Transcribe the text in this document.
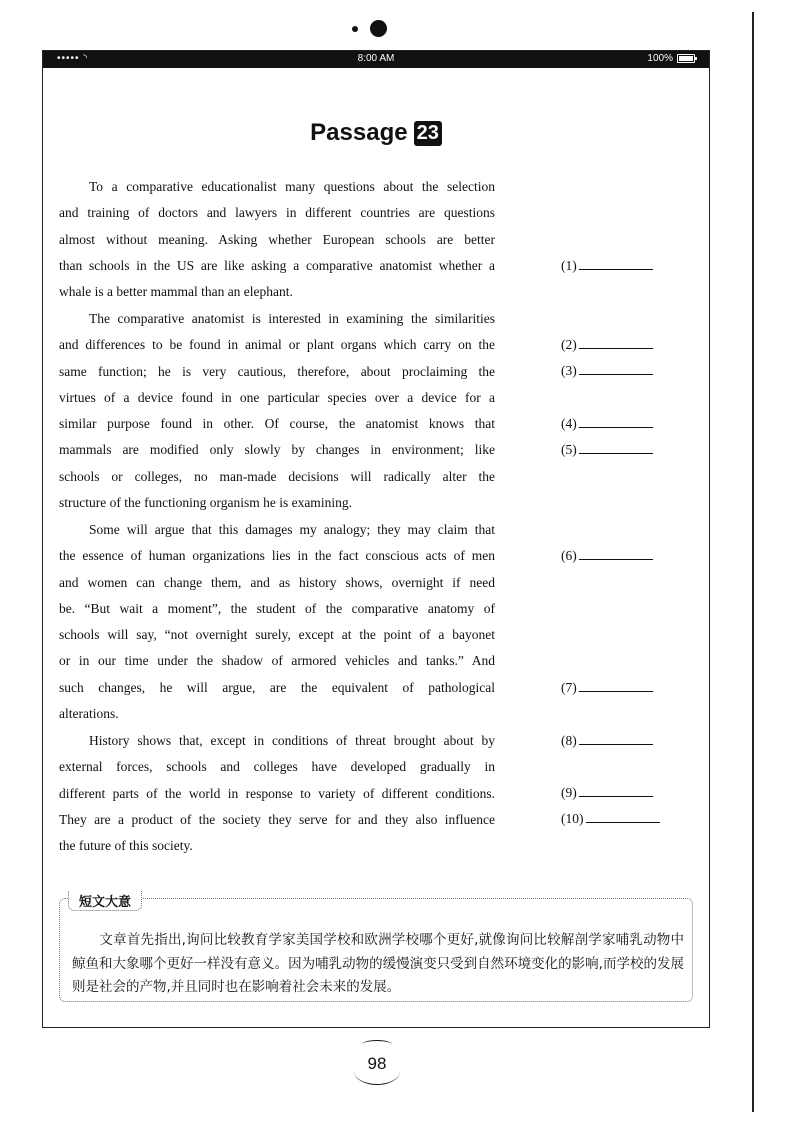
••••• ◝	8:00 AM	100%
Passage 23
To a comparative educationalist many questions about the selection
and training of doctors and lawyers in different countries are questions
almost without meaning. Asking whether European schools are better
than schools in the US are like asking a comparative anatomist whether a
whale is a better mammal than an elephant.
The comparative anatomist is interested in examining the similarities
and differences to be found in animal or plant organs which carry on the
same function; he is very cautious, therefore, about proclaiming the
virtues of a device found in one particular species over a device for a
similar purpose found in other. Of course, the anatomist knows that
mammals are modified only slowly by changes in environment; like
schools or colleges, no man-made decisions will radically alter the
structure of the functioning organism he is examining.
Some will argue that this damages my analogy; they may claim that
the essence of human organizations lies in the fact conscious acts of men
and women can change them, and as history shows, overnight if need
be. “But wait a moment”, the student of the comparative anatomy of
schools will say, “not overnight surely, except at the point of a bayonet
or in our time under the shadow of armored vehicles and tanks.” And
such changes, he will argue, are the equivalent of pathological
alterations.
History shows that, except in conditions of threat brought about by
external forces, schools and colleges have developed gradually in
different parts of the world in response to variety of different conditions.
They are a product of the society they serve for and they also influence
the future of this society.
(1)
(2)
(3)
(4)
(5)
(6)
(7)
(8)
(9)
(10)
短文大意

　　文章首先指出,询问比较教育学家美国学校和欧洲学校哪个更好,就像询问比较解剖学家哺乳动物中鲸鱼和大象哪个更好一样没有意义。因为哺乳动物的缓慢演变只受到自然环境变化的影响,而学校的发展则是社会的产物,并且同时也在影响着社会未来的发展。

98
